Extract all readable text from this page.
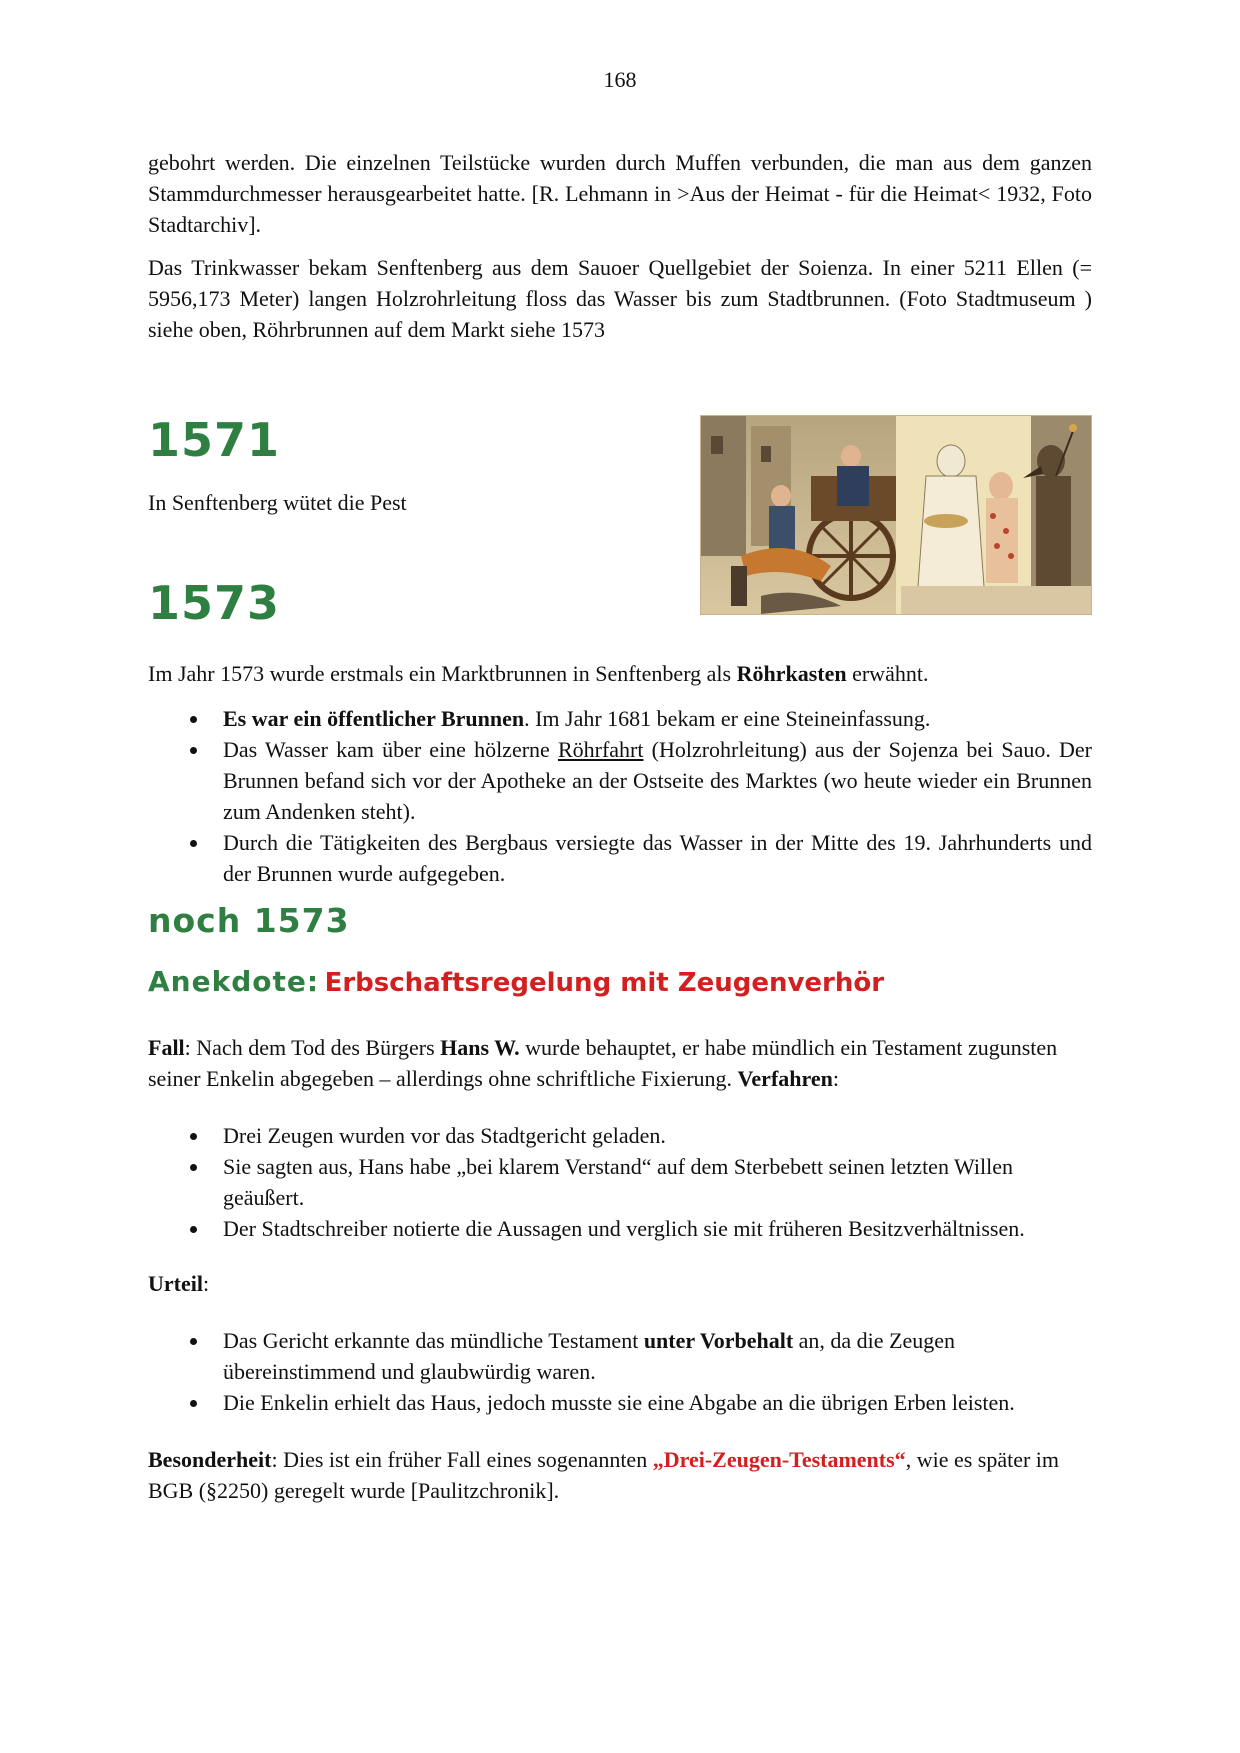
168

gebohrt werden. Die einzelnen Teilstücke wurden durch Muffen verbunden, die man aus dem ganzen Stammdurchmesser herausgearbeitet hatte. [R. Lehmann in >Aus der Heimat - für die Heimat< 1932, Foto Stadtarchiv].

Das Trinkwasser bekam Senftenberg aus dem Sauoer Quellgebiet der Soienza. In einer 5211 Ellen (= 5956,173 Meter) langen Holzrohrleitung floss das Wasser bis zum Stadtbrunnen. (Foto Stadtmuseum ) siehe oben, Röhrbrunnen auf dem Markt siehe 1573

1571

In Senftenberg wütet die Pest

1573

Im Jahr 1573 wurde erstmals ein Marktbrunnen in Senftenberg als Röhrkasten erwähnt.

Es war ein öffentlicher Brunnen. Im Jahr 1681 bekam er eine Steineinfassung.
Das Wasser kam über eine hölzerne Röhrfahrt (Holzrohrleitung) aus der Sojenza bei Sauo. Der Brunnen befand sich vor der Apotheke an der Ostseite des Marktes (wo heute wieder ein Brunnen zum Andenken steht).
Durch die Tätigkeiten des Bergbaus versiegte das Wasser in der Mitte des 19. Jahrhunderts und der Brunnen wurde aufgegeben.
noch 1573
Anekdote: Erbschaftsregelung mit Zeugenverhör

Fall: Nach dem Tod des Bürgers Hans W. wurde behauptet, er habe mündlich ein Testament zugunsten seiner Enkelin abgegeben – allerdings ohne schriftliche Fixierung. Verfahren:

Drei Zeugen wurden vor das Stadtgericht geladen.
Sie sagten aus, Hans habe „bei klarem Verstand“ auf dem Sterbebett seinen letzten Willen geäußert.
Der Stadtschreiber notierte die Aussagen und verglich sie mit früheren Besitzverhältnissen.

Urteil:

Das Gericht erkannte das mündliche Testament unter Vorbehalt an, da die Zeugen übereinstimmend und glaubwürdig waren.
Die Enkelin erhielt das Haus, jedoch musste sie eine Abgabe an die übrigen Erben leisten.

Besonderheit: Dies ist ein früher Fall eines sogenannten „Drei-Zeugen-Testaments“, wie es später im BGB (§2250) geregelt wurde [Paulitzchronik].
